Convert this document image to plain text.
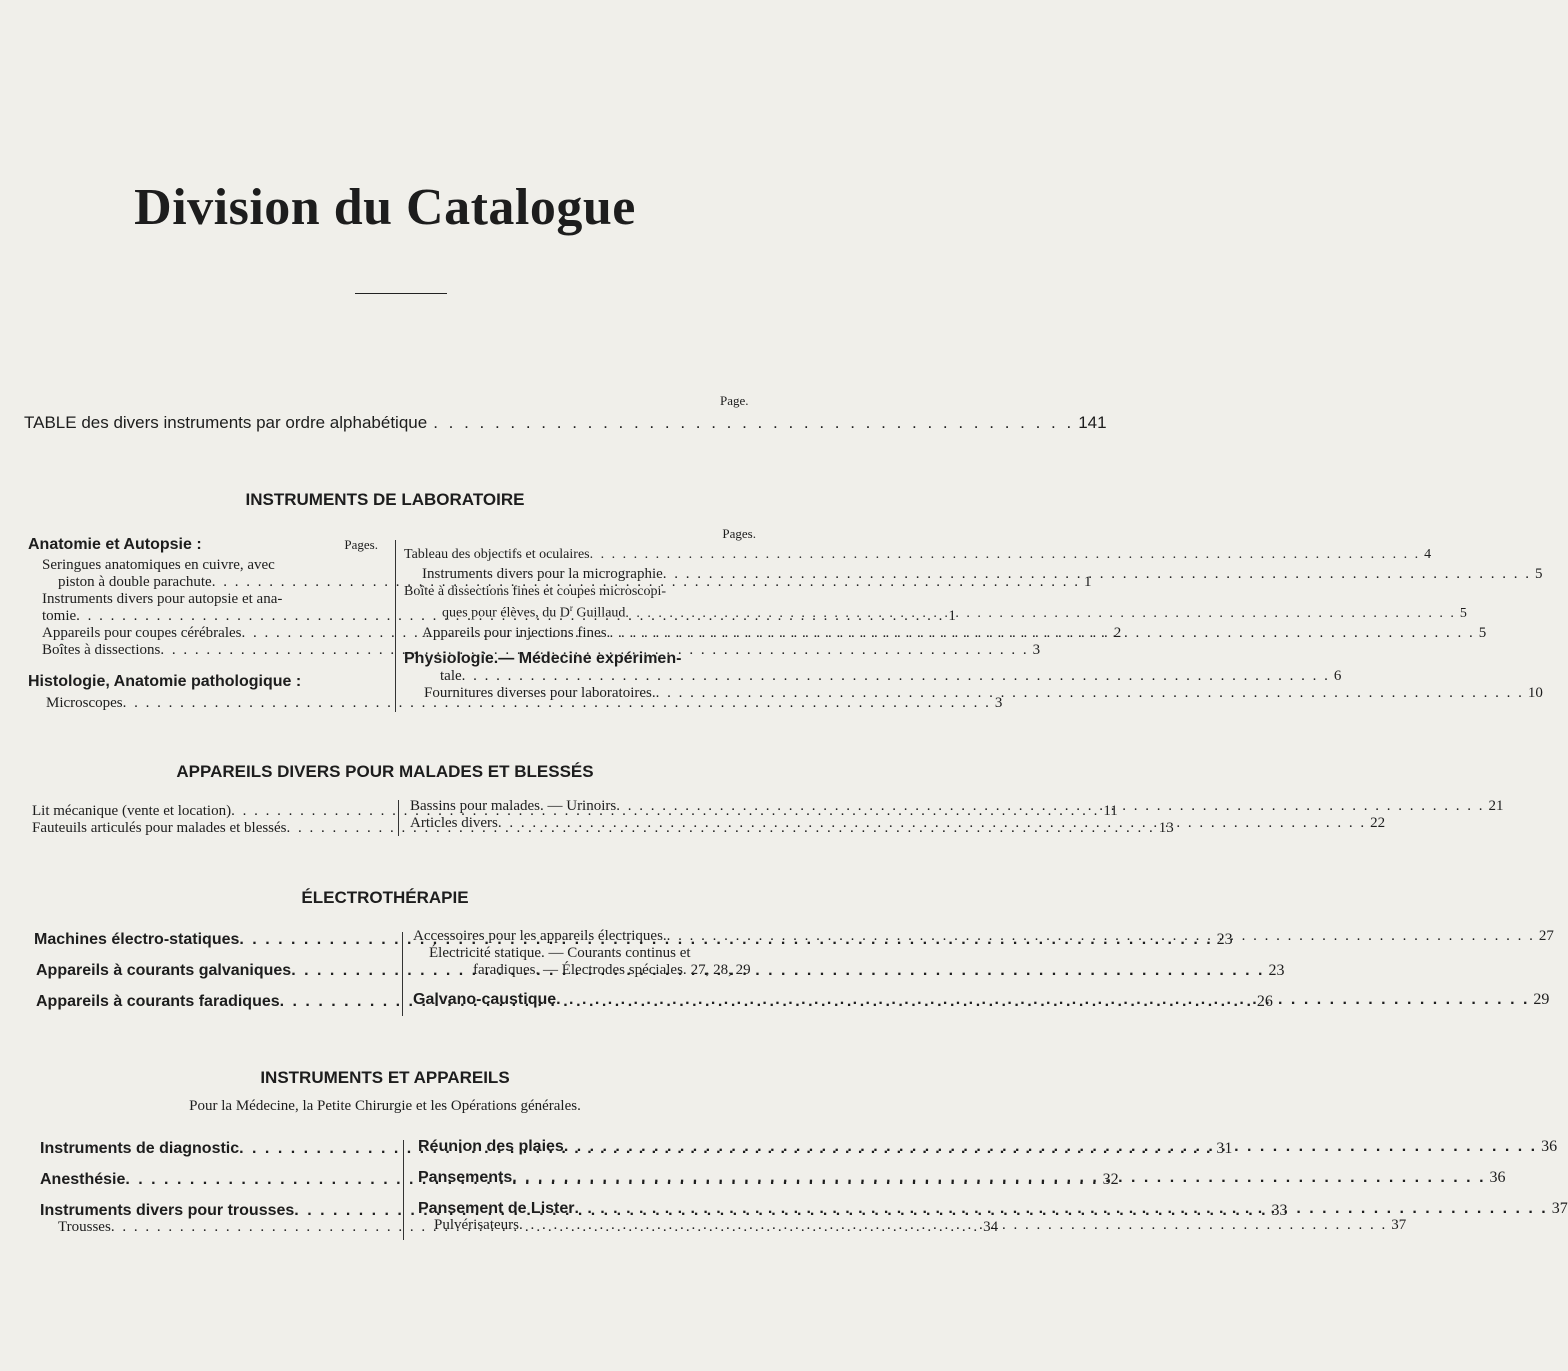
Division du Catalogue
Page.
TABLE des divers instruments par ordre alphabétique . . . . . . . . . . . . . . . . . . . . . . . . . . . . . . . . . . . . . . . . . . 141
INSTRUMENTS DE LABORATOIRE
Anatomie et Autopsie :	Pages.
Seringues anatomiques en cuivre, avec
piston à double parachute . . .	1
Instruments divers pour autopsie et ana-
tomie . . .	1
Appareils pour coupes cérébrales . . .	2
Boîtes à dissections . . .	3
Histologie, Anatomie pathologique :
Microscopes . . .	3
Pages.
Tableau des objectifs et oculaires . . .	4
Instruments divers pour la micrographie . . .	5
Boîte à dissections fines et coupes microscopi-
ques pour élèves, du $D^r$ Guillaud . . .	5
Appareils pour injections fines . . .	5
Physiologie.— Médecine expérimen-
tale . . .	6
Fournitures diverses pour laboratoires. . . .	10
APPAREILS DIVERS POUR MALADES ET BLESSÉS
Lit mécanique (vente et location) . . .	11
Fauteuils articulés pour malades et blessés . . .	13
Bassins pour malades. — Urinoirs . . .	21
Articles divers . . .	22
ÉLECTROTHÉRAPIE
Machines électro-statiques . . .	23
Appareils à courants galvaniques . . .	23
Appareils à courants faradiques . . .	26
Accessoires pour les appareils électriques. . . .	27
Électricité statique. — Courants continus et
faradiques. — Électrodes spéciales. 27, 28, 29
Galvano-caustique . . .	29
INSTRUMENTS ET APPAREILS
Pour la Médecine, la Petite Chirurgie et les Opérations générales.
Instruments de diagnostic . . .	31
Anesthésie . . .	32
Instruments divers pour trousses . . .	33
Trousses . . .	34
Réunion des plaies . . .	36
Pansements . . .	36
Pansement de Lister . . .	37
Pulvérisateurs . . .	37
